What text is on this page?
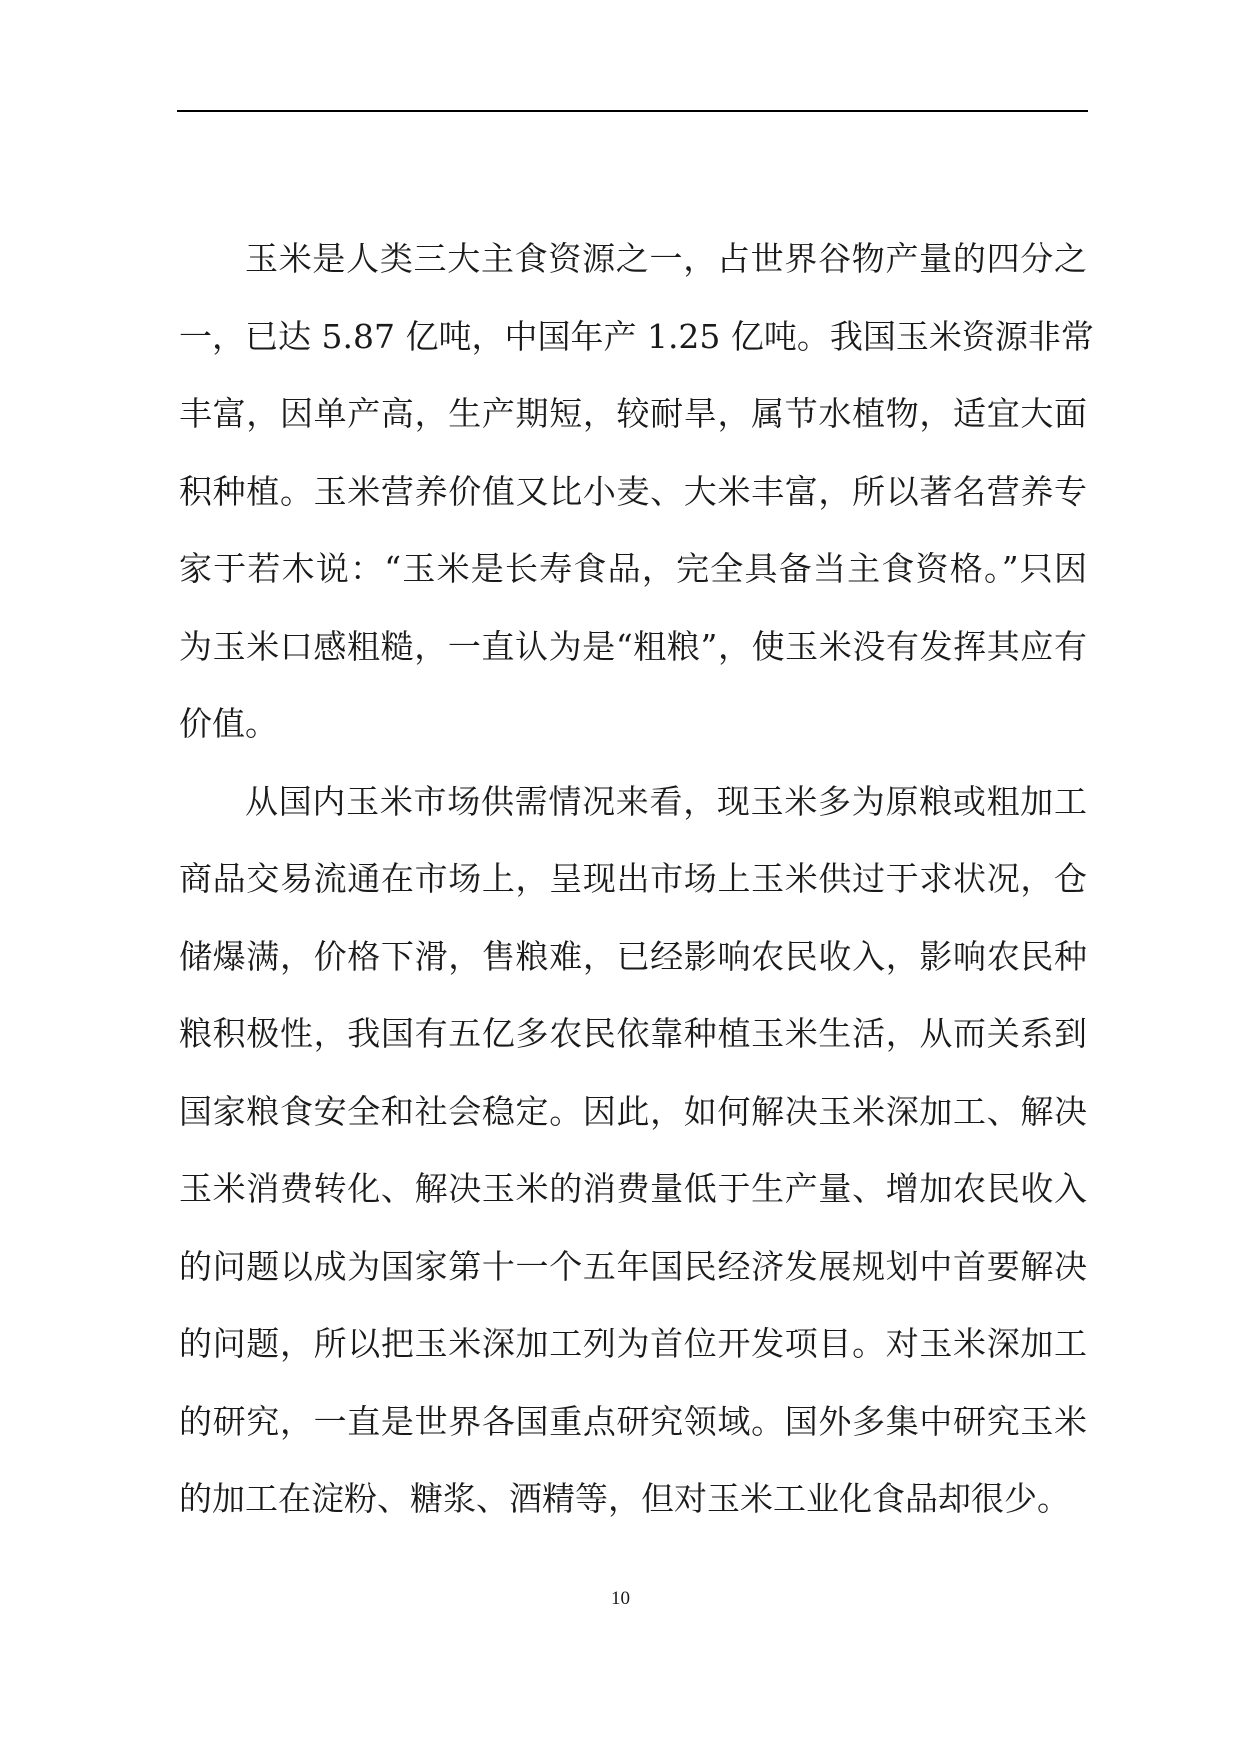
玉米是人类三大主食资源之一，占世界谷物产量的四分之
一，已达 5.87 亿吨，中国年产 1.25 亿吨。我国玉米资源非常
丰富，因单产高，生产期短，较耐旱，属节水植物，适宜大面
积种植。玉米营养价值又比小麦、大米丰富，所以著名营养专
家于若木说：“玉米是长寿食品，完全具备当主食资格。”只因
为玉米口感粗糙，一直认为是“粗粮”，使玉米没有发挥其应有
价值。
从国内玉米市场供需情况来看，现玉米多为原粮或粗加工
商品交易流通在市场上，呈现出市场上玉米供过于求状况，仓
储爆满，价格下滑，售粮难，已经影响农民收入，影响农民种
粮积极性，我国有五亿多农民依靠种植玉米生活，从而关系到
国家粮食安全和社会稳定。因此，如何解决玉米深加工、解决
玉米消费转化、解决玉米的消费量低于生产量、增加农民收入
的问题以成为国家第十一个五年国民经济发展规划中首要解决
的问题，所以把玉米深加工列为首位开发项目。对玉米深加工
的研究，一直是世界各国重点研究领域。国外多集中研究玉米
的加工在淀粉、糖浆、酒精等，但对玉米工业化食品却很少。
10
